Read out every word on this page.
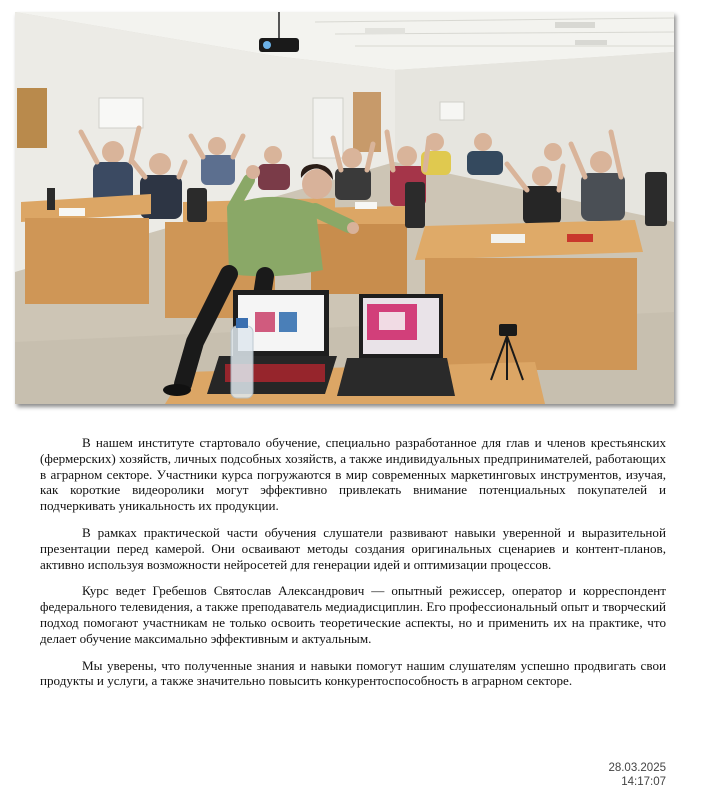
В нашем институте стартовало обучение, специально разработанное для глав и членов крестьянских (фермерских) хозяйств, личных подсобных хозяйств, а также индивидуальных предпринимателей, работающих в аграрном секторе. Участники курса погружаются в мир современных маркетинговых инструментов, изучая, как короткие видеоролики могут эффективно привлекать внимание потенциальных покупателей и подчеркивать уникальность их продукции.

В рамках практической части обучения слушатели развивают навыки уверенной и выразительной презентации перед камерой. Они осваивают методы создания оригинальных сценариев и контент-планов, активно используя возможности нейросетей для генерации идей и оптимизации процессов.

Курс ведет Гребешов Святослав Александрович — опытный режиссер, оператор и корреспондент федерального телевидения, а также преподаватель медиадисциплин. Его профессиональный опыт и творческий подход помогают участникам не только освоить теоретические аспекты, но и применить их на практике, что делает обучение максимально эффективным и актуальным.

Мы уверены, что полученные знания и навыки помогут нашим слушателям успешно продвигать свои продукты и услуги, а также значительно повысить конкурентоспособность в аграрном секторе.

28.03.2025
14:17:07
